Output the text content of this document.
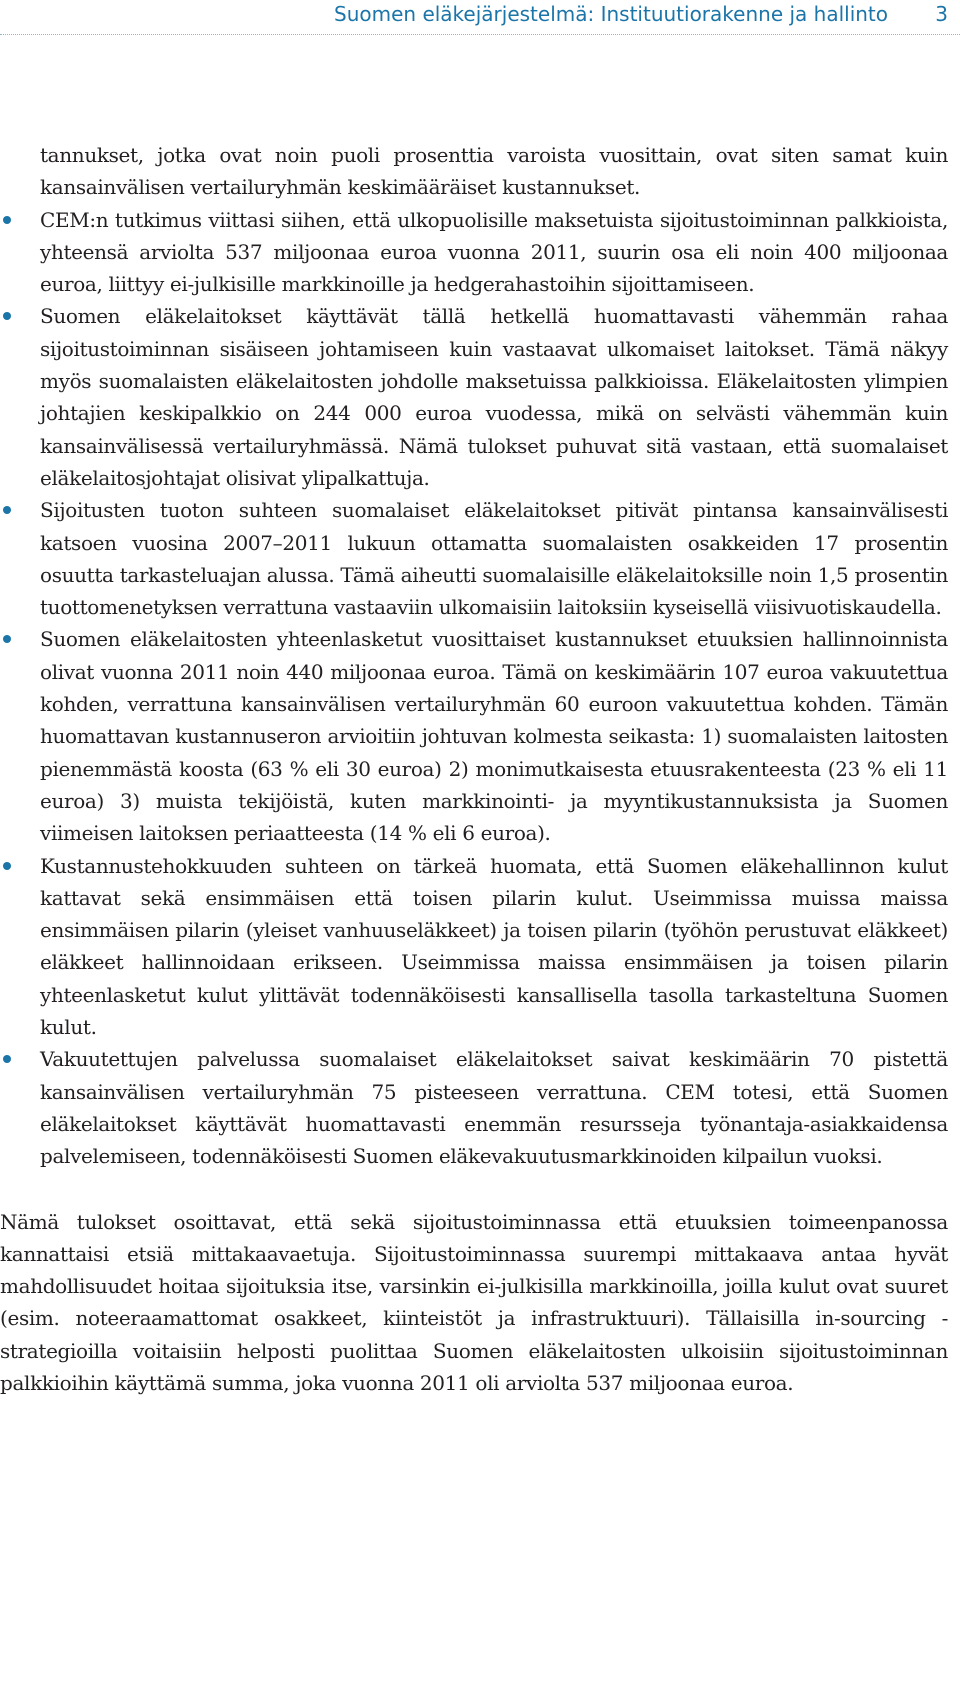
Suomen eläkejärjestelmä: Instituutiorakenne ja hallinto 3

tannukset, jotka ovat noin puoli prosenttia varoista vuosittain, ovat siten samat kuin kansainvälisen vertailuryhmän keskimääräiset kustannukset.

CEM:n tutkimus viittasi siihen, että ulkopuolisille maksetuista sijoitustoiminnan palkkioista, yhteensä arviolta 537 miljoonaa euroa vuonna 2011, suurin osa eli noin 400 miljoonaa euroa, liittyy ei-julkisille markkinoille ja hedgerahastoihin sijoittamiseen.
Suomen eläkelaitokset käyttävät tällä hetkellä huomattavasti vähemmän rahaa sijoitustoiminnan sisäiseen johtamiseen kuin vastaavat ulkomaiset laitokset. Tämä näkyy myös suomalaisten eläkelaitosten johdolle maksetuissa palkkioissa. Eläkelaitosten ylimpien johtajien keskipalkkio on 244 000 euroa vuodessa, mikä on selvästi vähemmän kuin kansainvälisessä vertailuryhmässä. Nämä tulokset puhuvat sitä vastaan, että suomalaiset eläkelaitosjohtajat olisivat ylipalkattuja.
Sijoitusten tuoton suhteen suomalaiset eläkelaitokset pitivät pintansa kansainvälisesti katsoen vuosina 2007–2011 lukuun ottamatta suomalaisten osakkeiden 17 prosentin osuutta tarkasteluajan alussa. Tämä aiheutti suomalaisille eläkelaitoksille noin 1,5 prosentin tuottomenetyksen verrattuna vastaaviin ulkomaisiin laitoksiin kyseisellä viisivuotiskaudella.
Suomen eläkelaitosten yhteenlasketut vuosittaiset kustannukset etuuksien hallinnoinnista olivat vuonna 2011 noin 440 miljoonaa euroa. Tämä on keskimäärin 107 euroa vakuutettua kohden, verrattuna kansainvälisen vertailuryhmän 60 euroon vakuutettua kohden. Tämän huomattavan kustannuseron arvioitiin johtuvan kolmesta seikasta: 1) suomalaisten laitosten pienemmästä koosta (63 % eli 30 euroa) 2) monimutkaisesta etuusrakenteesta (23 % eli 11 euroa) 3) muista tekijöistä, kuten markkinointi- ja myyntikustannuksista ja Suomen viimeisen laitoksen periaatteesta (14 % eli 6 euroa).
Kustannustehokkuuden suhteen on tärkeä huomata, että Suomen eläkehallinnon kulut kattavat sekä ensimmäisen että toisen pilarin kulut. Useimmissa muissa maissa ensimmäisen pilarin (yleiset vanhuuseläkkeet) ja toisen pilarin (työhön perustuvat eläkkeet) eläkkeet hallinnoidaan erikseen. Useimmissa maissa ensimmäisen ja toisen pilarin yhteenlasketut kulut ylittävät todennäköisesti kansallisella tasolla tarkasteltuna Suomen kulut.
Vakuutettujen palvelussa suomalaiset eläkelaitokset saivat keskimäärin 70 pistettä kansainvälisen vertailuryhmän 75 pisteeseen verrattuna. CEM totesi, että Suomen eläkelaitokset käyttävät huomattavasti enemmän resursseja työnantaja-asiakkaidensa palvelemiseen, todennäköisesti Suomen eläkevakuutusmarkkinoiden kilpailun vuoksi.

Nämä tulokset osoittavat, että sekä sijoitustoiminnassa että etuuksien toimeenpanossa kannattaisi etsiä mittakaavaetuja. Sijoitustoiminnassa suurempi mittakaava antaa hyvät mahdollisuudet hoitaa sijoituksia itse, varsinkin ei-julkisilla markkinoilla, joilla kulut ovat suuret (esim. noteeraamattomat osakkeet, kiinteistöt ja infrastruktuuri). Tällaisilla in-sourcing -strategioilla voitaisiin helposti puolittaa Suomen eläkelaitosten ulkoisiin sijoitustoiminnan palkkioihin käyttämä summa, joka vuonna 2011 oli arviolta 537 miljoonaa euroa.
